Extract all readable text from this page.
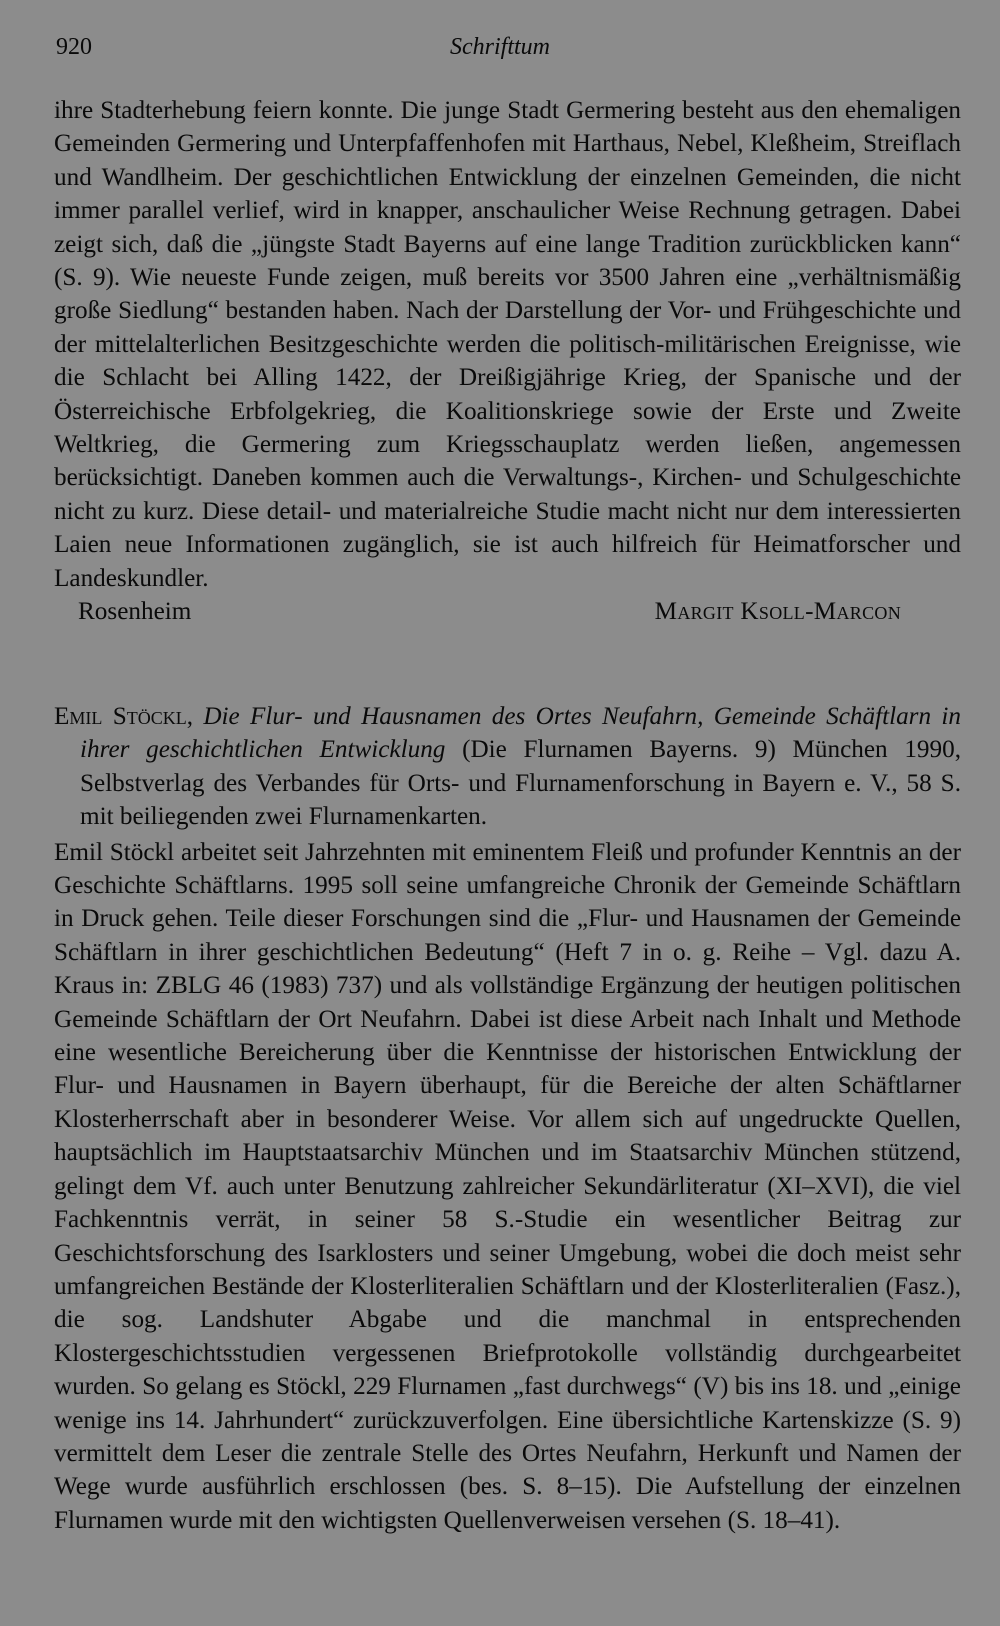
920	Schrifttum

ihre Stadterhebung feiern konnte. Die junge Stadt Germering besteht aus den ehemaligen Gemeinden Germering und Unterpfaffenhofen mit Harthaus, Nebel, Kleßheim, Streiflach und Wandlheim. Der geschichtlichen Entwicklung der einzelnen Gemeinden, die nicht immer parallel verlief, wird in knapper, anschaulicher Weise Rechnung getragen. Dabei zeigt sich, daß die „jüngste Stadt Bayerns auf eine lange Tradition zurückblicken kann“ (S. 9). Wie neueste Funde zeigen, muß bereits vor 3500 Jahren eine „verhältnismäßig große Siedlung“ bestanden haben. Nach der Darstellung der Vor- und Frühgeschichte und der mittelalterlichen Besitzgeschichte werden die politisch-militärischen Ereignisse, wie die Schlacht bei Alling 1422, der Dreißigjährige Krieg, der Spanische und der Österreichische Erbfolgekrieg, die Koalitionskriege sowie der Erste und Zweite Weltkrieg, die Germering zum Kriegsschauplatz werden ließen, angemessen berücksichtigt. Daneben kommen auch die Verwaltungs-, Kirchen- und Schulgeschichte nicht zu kurz. Diese detail- und materialreiche Studie macht nicht nur dem interessierten Laien neue Informationen zugänglich, sie ist auch hilfreich für Heimatforscher und Landeskundler.

Rosenheim	Margit Ksoll-Marcon

Emil Stöckl, Die Flur- und Hausnamen des Ortes Neufahrn, Gemeinde Schäftlarn in ihrer geschichtlichen Entwicklung (Die Flurnamen Bayerns. 9) München 1990, Selbstverlag des Verbandes für Orts- und Flurnamenforschung in Bayern e. V., 58 S. mit beiliegenden zwei Flurnamenkarten.

Emil Stöckl arbeitet seit Jahrzehnten mit eminentem Fleiß und profunder Kenntnis an der Geschichte Schäftlarns. 1995 soll seine umfangreiche Chronik der Gemeinde Schäftlarn in Druck gehen. Teile dieser Forschungen sind die „Flur- und Hausnamen der Gemeinde Schäftlarn in ihrer geschichtlichen Bedeutung“ (Heft 7 in o. g. Reihe – Vgl. dazu A. Kraus in: ZBLG 46 (1983) 737) und als vollständige Ergänzung der heutigen politischen Gemeinde Schäftlarn der Ort Neufahrn. Dabei ist diese Arbeit nach Inhalt und Methode eine wesentliche Bereicherung über die Kenntnisse der historischen Entwicklung der Flur- und Hausnamen in Bayern überhaupt, für die Bereiche der alten Schäftlarner Klosterherrschaft aber in besonderer Weise. Vor allem sich auf ungedruckte Quellen, hauptsächlich im Hauptstaatsarchiv München und im Staatsarchiv München stützend, gelingt dem Vf. auch unter Benutzung zahlreicher Sekundärliteratur (XI–XVI), die viel Fachkenntnis verrät, in seiner 58 S.-Studie ein wesentlicher Beitrag zur Geschichtsforschung des Isarklosters und seiner Umgebung, wobei die doch meist sehr umfangreichen Bestände der Klosterliteralien Schäftlarn und der Klosterliteralien (Fasz.), die sog. Landshuter Abgabe und die manchmal in entsprechenden Klostergeschichtsstudien vergessenen Briefprotokolle vollständig durchgearbeitet wurden. So gelang es Stöckl, 229 Flurnamen „fast durchwegs“ (V) bis ins 18. und „einige wenige ins 14. Jahrhundert“ zurückzuverfolgen. Eine übersichtliche Kartenskizze (S. 9) vermittelt dem Leser die zentrale Stelle des Ortes Neufahrn, Herkunft und Namen der Wege wurde ausführlich erschlossen (bes. S. 8–15). Die Aufstellung der einzelnen Flurnamen wurde mit den wichtigsten Quellenverweisen versehen (S. 18–41).
